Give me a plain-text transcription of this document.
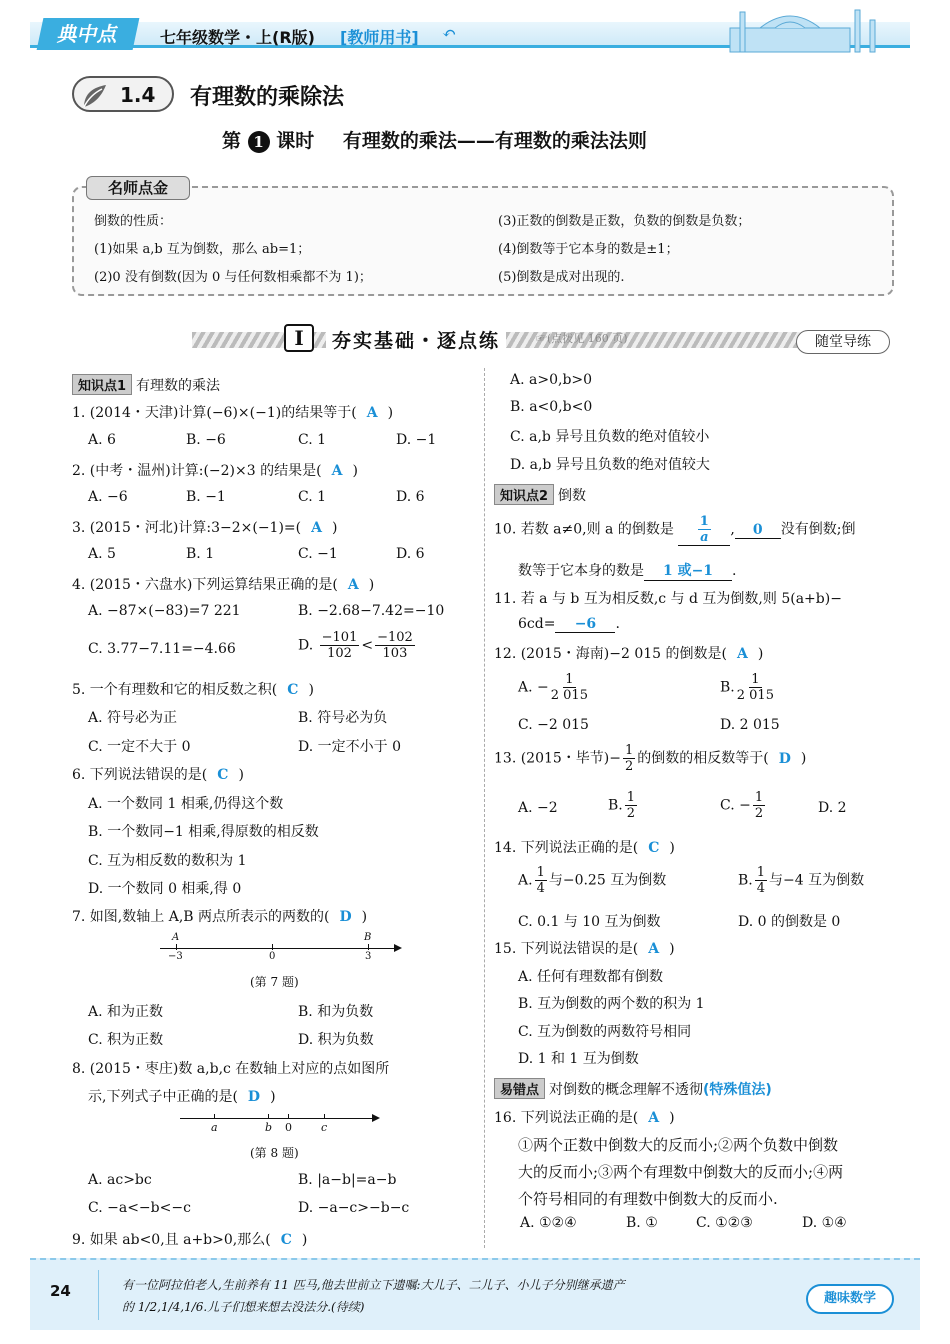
典中点	七年级数学・上(R版) [教师用书] ↶
1.4 有理数的乘除法
第 1 课时 有理数的乘法——有理数的乘法法则
名师点金
倒数的性质：
(1)如果 a,b 互为倒数，那么 ab=1；
(2)0 没有倒数(因为 0 与任何数相乘都不为 1)；
(3)正数的倒数是正数，负数的倒数是负数；
(4)倒数等于它本身的数是±1；
(5)倒数是成对出现的.
Ⅰ	夯实基础・逐点练	☞(点拨见 160 页)	随堂导练
知识点1 有理数的乘法
1. (2014・天津)计算(−6)×(−1)的结果等于( A )
A. 6	B. −6	C. 1	D. −1
2. (中考・温州)计算:(−2)×3 的结果是( A )
A. −6	B. −1	C. 1	D. 6
3. (2015・河北)计算:3−2×(−1)=( A )
A. 5	B. 1	C. −1	D. 6
4. (2015・六盘水)下列运算结果正确的是( A )
A. −87×(−83)=7 221	B. −2.68−7.42=−10
C. 3.77−7.11=−4.66	D. $\frac{-101}{102} < \frac{-102}{103}$
5. 一个有理数和它的相反数之积( C )
A. 符号必为正	B. 符号必为负
C. 一定不大于 0	D. 一定不小于 0
6. 下列说法错误的是( C )
A. 一个数同 1 相乘,仍得这个数
B. 一个数同−1 相乘,得原数的相反数
C. 互为相反数的数积为 1
D. 一个数同 0 相乘,得 0
7. 如图,数轴上 A,B 两点所表示的两数的( D )
A	B
−3	0	3
(第 7 题)
A. 和为正数	B. 和为负数
C. 积为正数	D. 积为负数
8. (2015・枣庄)数 a,b,c 在数轴上对应的点如图所
示,下列式子中正确的是( D )
a	b 0	c
(第 8 题)
A. ac>bc	B. |a−b|=a−b
C. −a<−b<−c	D. −a−c>−b−c
9. 如果 ab<0,且 a+b>0,那么( C )
A. a>0,b>0
B. a<0,b<0
C. a,b 异号且负数的绝对值较小
D. a,b 异号且负数的绝对值较大
知识点2 倒数
10. 若数 a≠0,则 a 的倒数是 $\frac{1}{a}$ , 0 没有倒数;倒
数等于它本身的数是 1 或−1 .
11. 若 a 与 b 互为相反数,c 与 d 互为倒数,则 5(a+b)−
6cd= −6 .
12. (2015・海南)−2 015 的倒数是( A )
A. − $\frac{1}{2 015}$	B. $\frac{1}{2 015}$
C. −2 015	D. 2 015
13. (2015・毕节)− $\frac{1}{2}$ 的倒数的相反数等于( D )
A. −2	B. $\frac{1}{2}$	C. − $\frac{1}{2}$	D. 2
14. 下列说法正确的是( C )
A. $\frac{1}{4}$ 与−0.25 互为倒数	B. $\frac{1}{4}$ 与−4 互为倒数
C. 0.1 与 10 互为倒数	D. 0 的倒数是 0
15. 下列说法错误的是( A )
A. 任何有理数都有倒数
B. 互为倒数的两个数的积为 1
C. 互为倒数的两数符号相同
D. 1 和 1 互为倒数
易错点 对倒数的概念理解不透彻(特殊值法)
16. 下列说法正确的是( A )
①两个正数中倒数大的反而小;②两个负数中倒数
大的反而小;③两个有理数中倒数大的反而小;④两
个符号相同的有理数中倒数大的反而小.
A. ①②④	B. ①	C. ①②③	D. ①④
24	有一位阿拉伯老人,生前养有 11 匹马,他去世前立下遗嘱:大儿子、二儿子、小儿子分别继承遗产
的 1/2,1/4,1/6.儿子们想来想去没法分.(待续)
趣味数学
